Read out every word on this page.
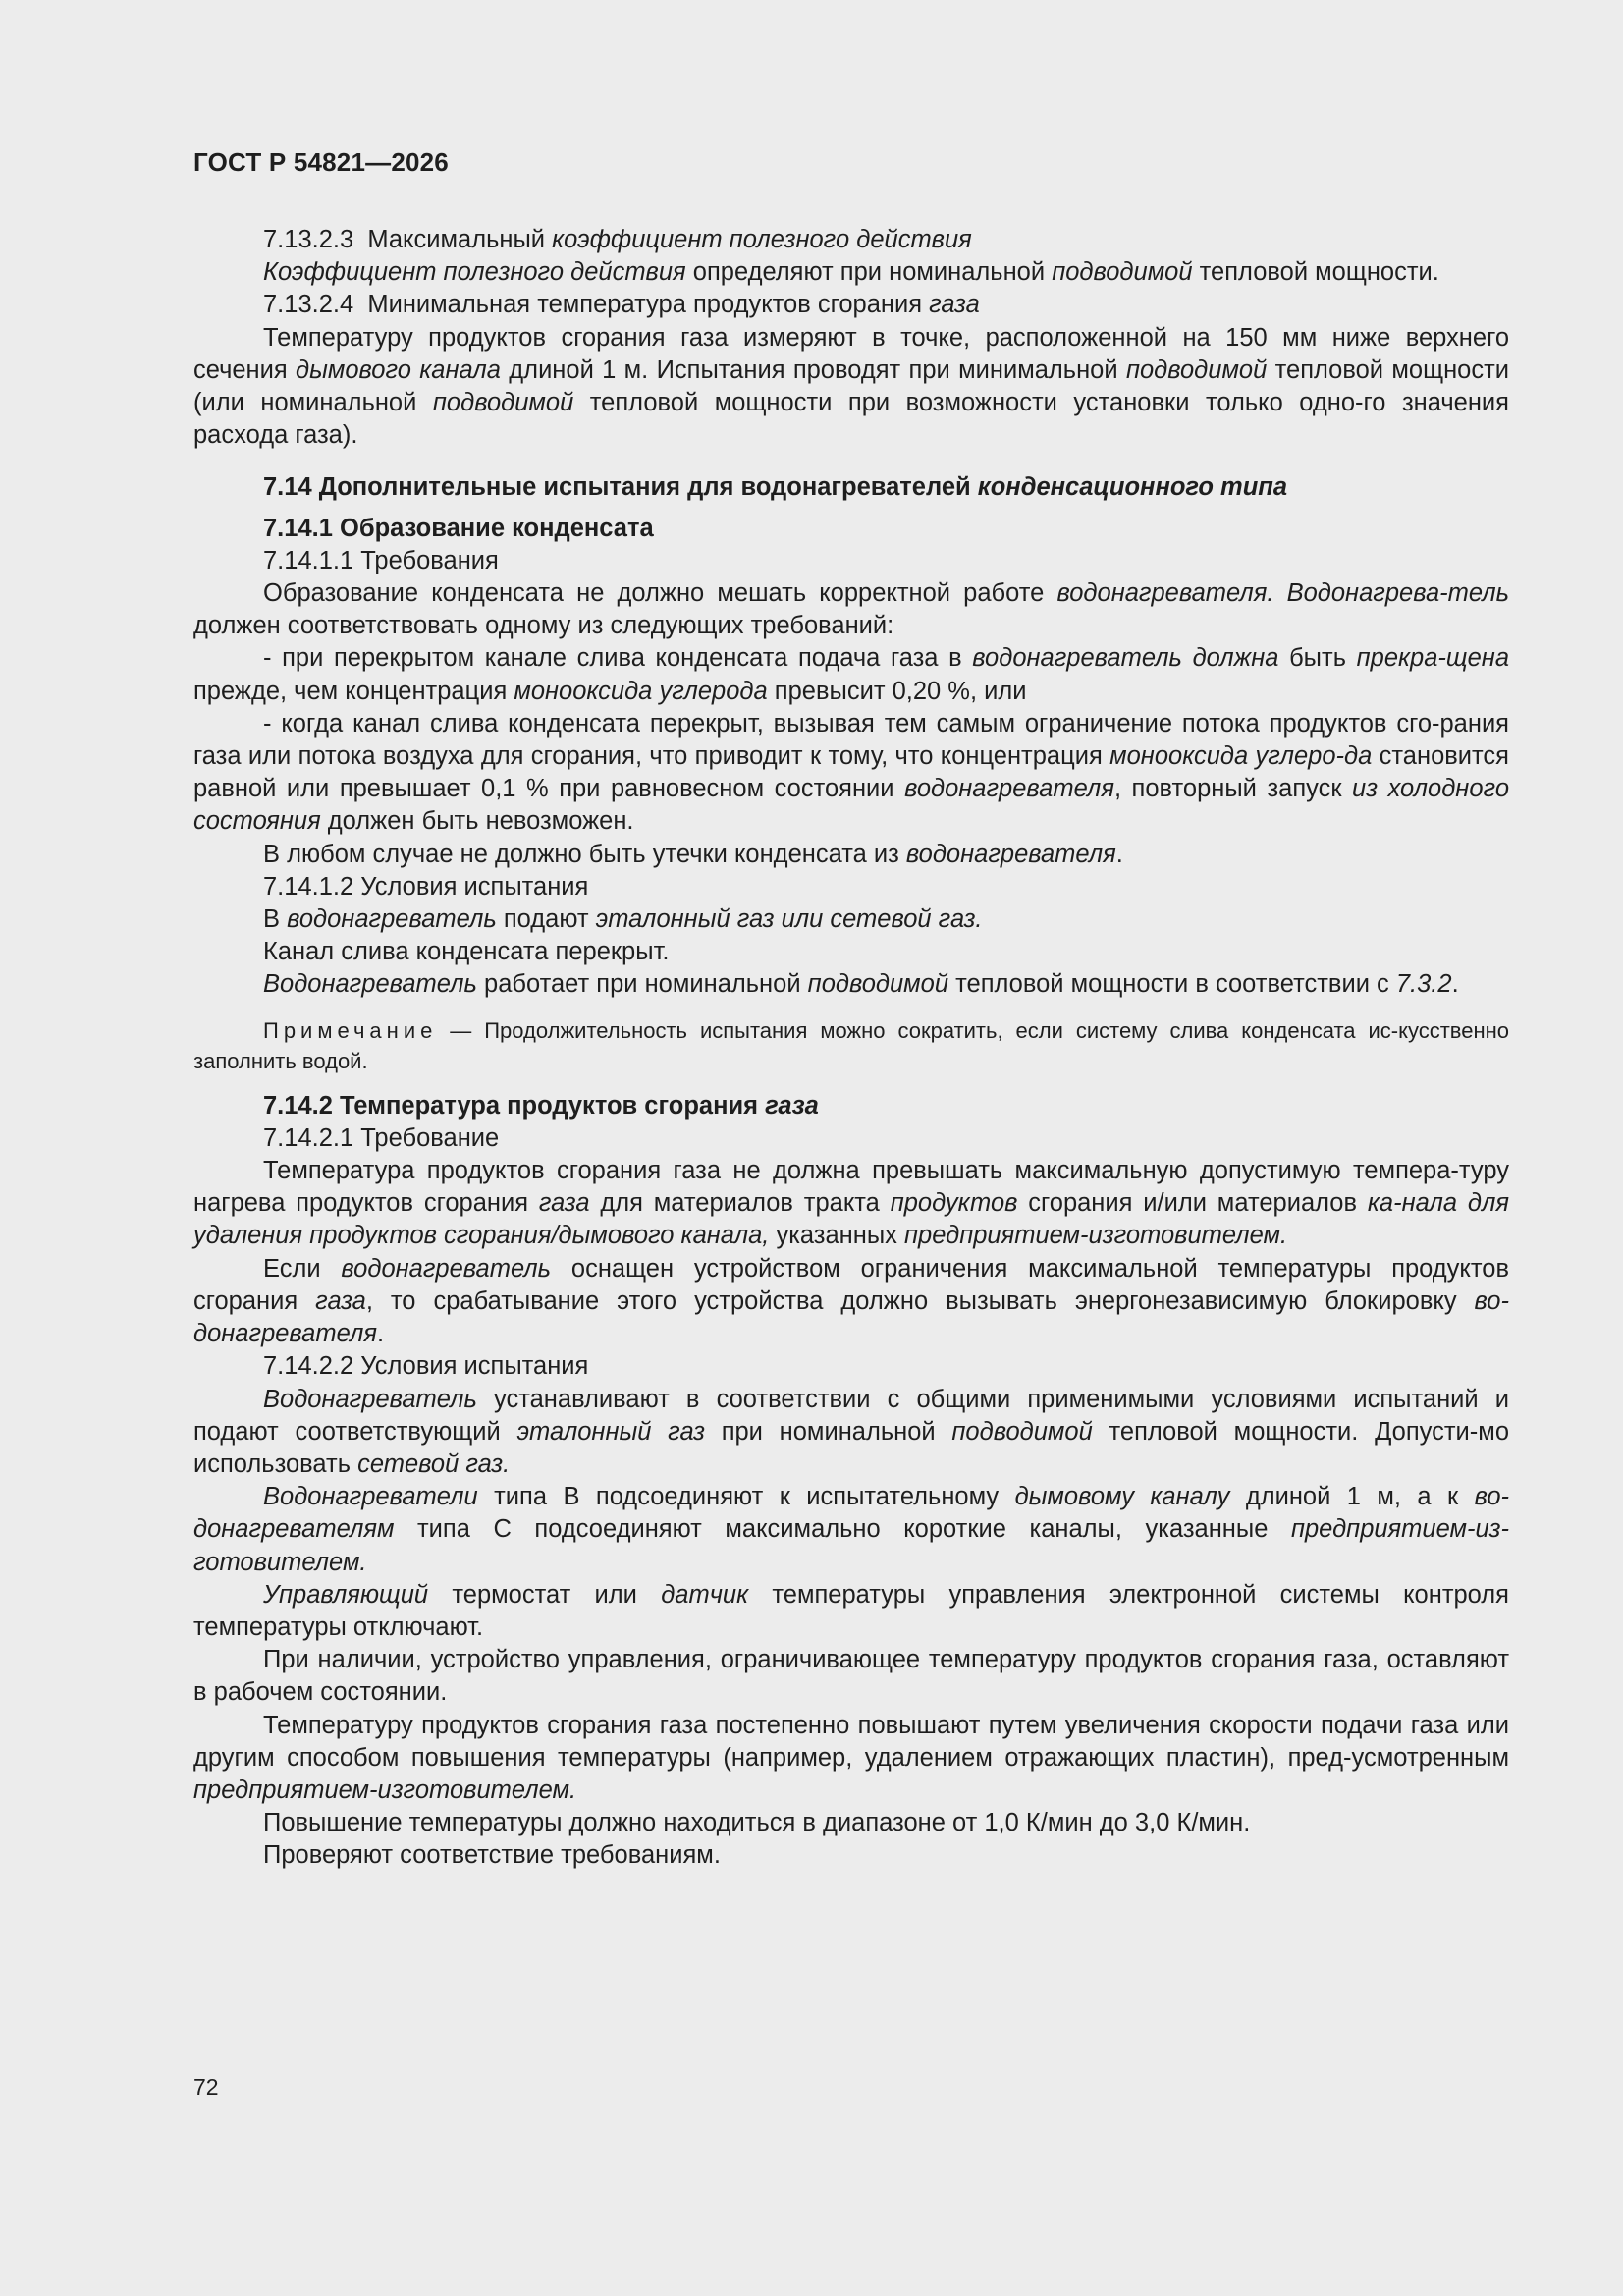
ГОСТ Р 54821—2026

7.13.2.3 Максимальный коэффициент полезного действия

Коэффициент полезного действия определяют при номинальной подводимой тепловой мощности.

7.13.2.4 Минимальная температура продуктов сгорания газа

Температуру продуктов сгорания газа измеряют в точке, расположенной на 150 мм ниже верхнего сечения дымового канала длиной 1 м. Испытания проводят при минимальной подводимой тепловой мощности (или номинальной подводимой тепловой мощности при возможности установки только одно-го значения расхода газа).

7.14 Дополнительные испытания для водонагревателей конденсационного типа

7.14.1 Образование конденсата

7.14.1.1 Требования

Образование конденсата не должно мешать корректной работе водонагревателя. Водонагрева-тель должен соответствовать одному из следующих требований:

- при перекрытом канале слива конденсата подача газа в водонагреватель должна быть прекра-щена прежде, чем концентрация монооксида углерода превысит 0,20 %, или

- когда канал слива конденсата перекрыт, вызывая тем самым ограничение потока продуктов сго-рания газа или потока воздуха для сгорания, что приводит к тому, что концентрация монооксида углеро-да становится равной или превышает 0,1 % при равновесном состоянии водонагревателя, повторный запуск из холодного состояния должен быть невозможен.

В любом случае не должно быть утечки конденсата из водонагревателя.

7.14.1.2 Условия испытания

В водонагреватель подают эталонный газ или сетевой газ.

Канал слива конденсата перекрыт.

Водонагреватель работает при номинальной подводимой тепловой мощности в соответствии с 7.3.2.

Примечание — Продолжительность испытания можно сократить, если систему слива конденсата ис-кусственно заполнить водой.

7.14.2 Температура продуктов сгорания газа

7.14.2.1 Требование

Температура продуктов сгорания газа не должна превышать максимальную допустимую темпера-туру нагрева продуктов сгорания газа для материалов тракта продуктов сгорания и/или материалов ка-нала для удаления продуктов сгорания/дымового канала, указанных предприятием-изготовителем.

Если водонагреватель оснащен устройством ограничения максимальной температуры продуктов сгорания газа, то срабатывание этого устройства должно вызывать энергонезависимую блокировку во-донагревателя.

7.14.2.2 Условия испытания

Водонагреватель устанавливают в соответствии с общими применимыми условиями испытаний и подают соответствующий эталонный газ при номинальной подводимой тепловой мощности. Допусти-мо использовать сетевой газ.

Водонагреватели типа В подсоединяют к испытательному дымовому каналу длиной 1 м, а к во-донагревателям типа С подсоединяют максимально короткие каналы, указанные предприятием-из-готовителем.

Управляющий термостат или датчик температуры управления электронной системы контроля температуры отключают.

При наличии, устройство управления, ограничивающее температуру продуктов сгорания газа, оставляют в рабочем состоянии.

Температуру продуктов сгорания газа постепенно повышают путем увеличения скорости подачи газа или другим способом повышения температуры (например, удалением отражающих пластин), пред-усмотренным предприятием-изготовителем.

Повышение температуры должно находиться в диапазоне от 1,0 К/мин до 3,0 К/мин.

Проверяют соответствие требованиям.

72
